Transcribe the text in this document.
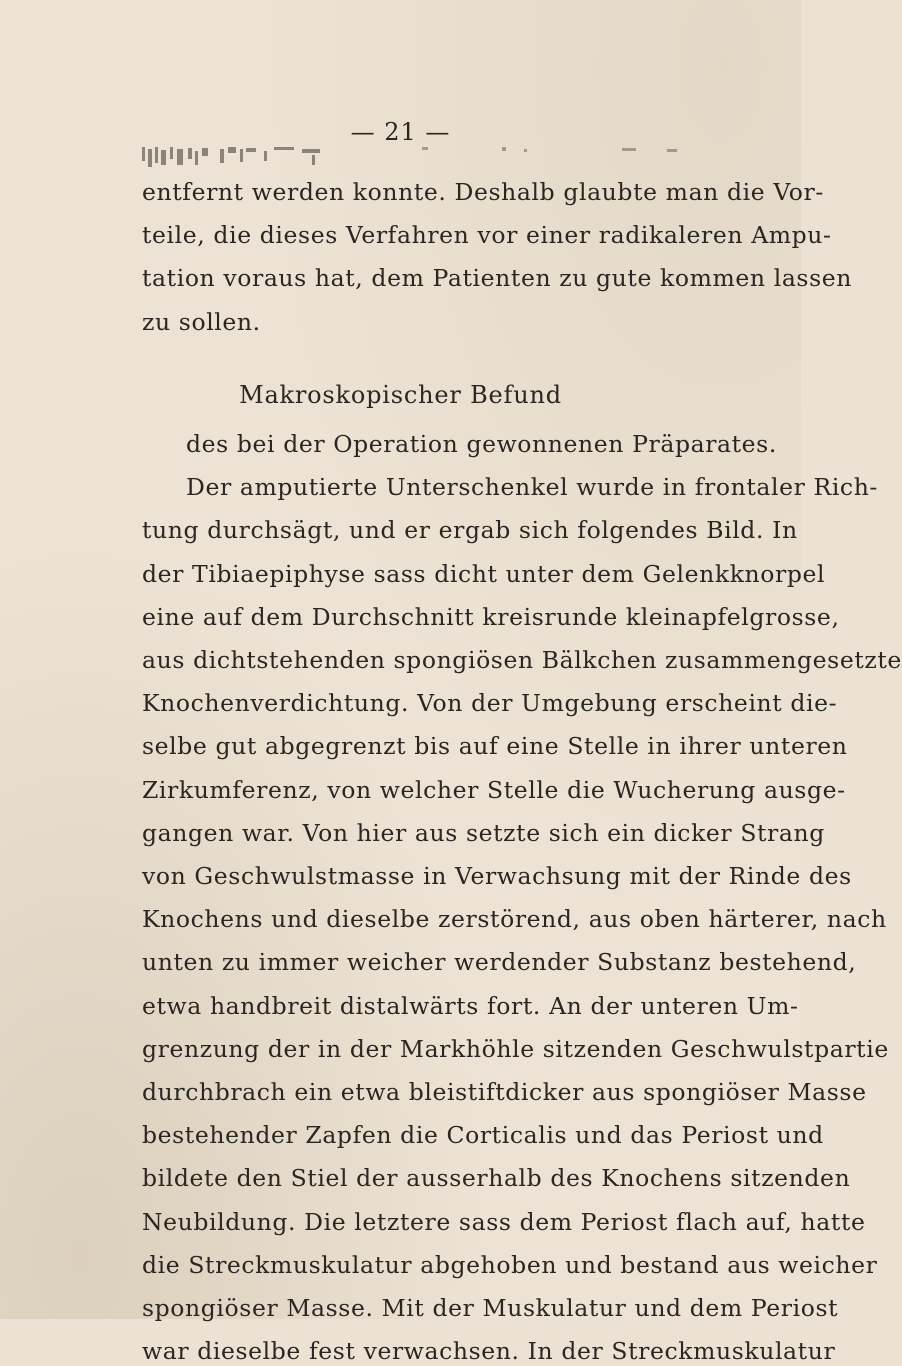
— 21 —
entfernt werden konnte. Deshalb glaubte man die Vor-
teile, die dieses Verfahren vor einer radikaleren Ampu-
tation voraus hat, dem Patienten zu gute kommen lassen
zu sollen.
Makroskopischer Befund
des bei der Operation gewonnenen Präparates.
Der amputierte Unterschenkel wurde in frontaler Rich-
tung durchsägt, und er ergab sich folgendes Bild. In
der Tibiaepiphyse sass dicht unter dem Gelenkknorpel
eine auf dem Durchschnitt kreisrunde kleinapfelgrosse,
aus dichtstehenden spongiösen Bälkchen zusammengesetzte
Knochenverdichtung. Von der Umgebung erscheint die-
selbe gut abgegrenzt bis auf eine Stelle in ihrer unteren
Zirkumferenz, von welcher Stelle die Wucherung ausge-
gangen war. Von hier aus setzte sich ein dicker Strang
von Geschwulstmasse in Verwachsung mit der Rinde des
Knochens und dieselbe zerstörend, aus oben härterer, nach
unten zu immer weicher werdender Substanz bestehend,
etwa handbreit distalwärts fort. An der unteren Um-
grenzung der in der Markhöhle sitzenden Geschwulstpartie
durchbrach ein etwa bleistiftdicker aus spongiöser Masse
bestehender Zapfen die Corticalis und das Periost und
bildete den Stiel der ausserhalb des Knochens sitzenden
Neubildung. Die letztere sass dem Periost flach auf, hatte
die Streckmuskulatur abgehoben und bestand aus weicher
spongiöser Masse. Mit der Muskulatur und dem Periost
war dieselbe fest verwachsen. In der Streckmuskulatur
